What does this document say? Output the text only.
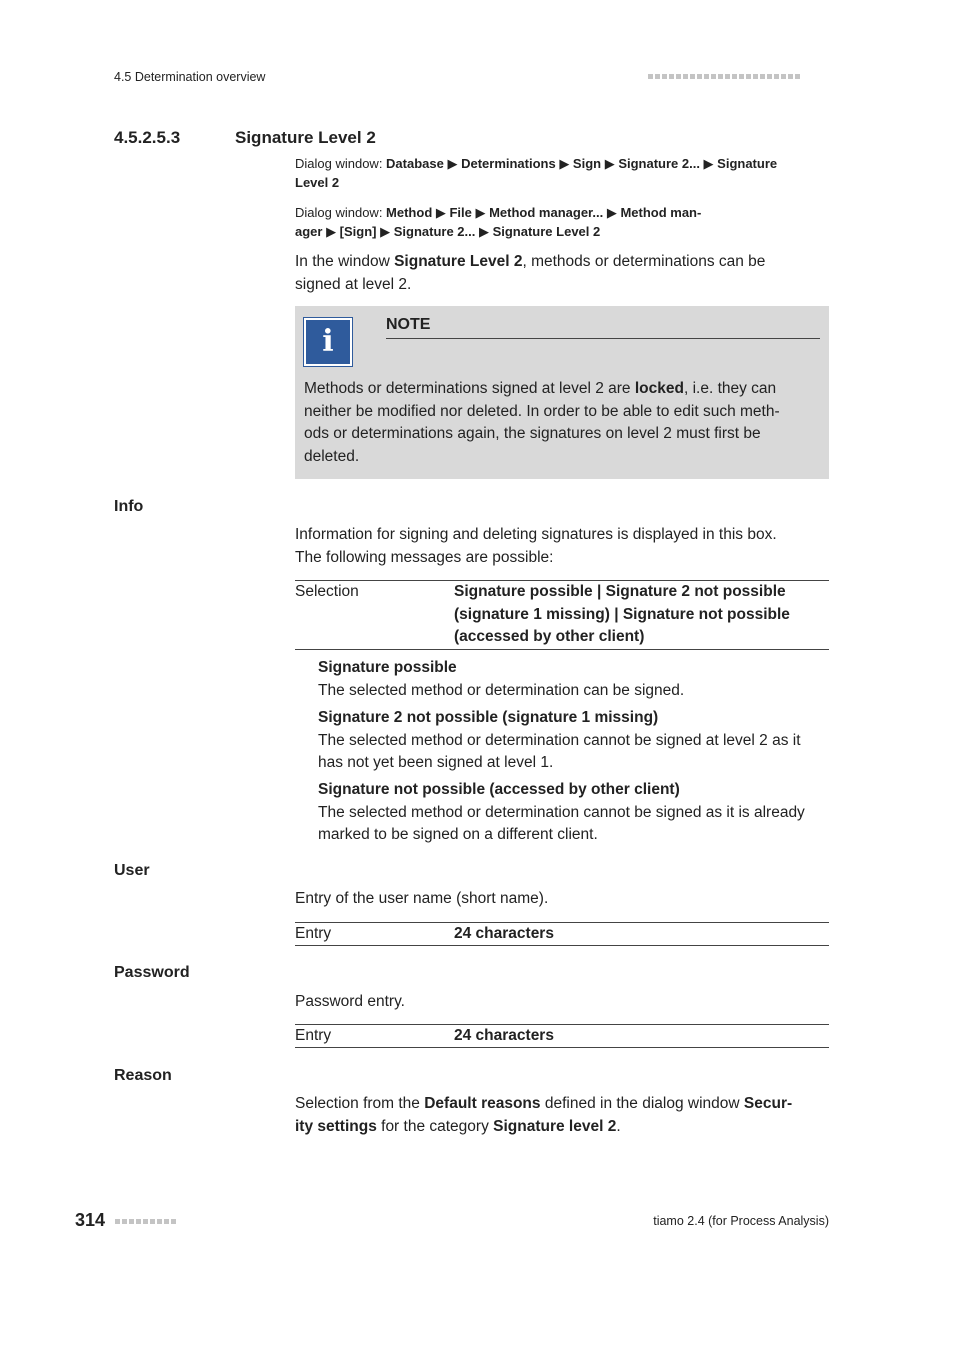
4.5 Determination overview
4.5.2.5.3	Signature Level 2
Dialog window: Database ▶ Determinations ▶ Sign ▶ Signature 2... ▶ Signature
Level 2
Dialog window: Method ▶ File ▶ Method manager... ▶ Method man-
ager ▶ [Sign] ▶ Signature 2... ▶ Signature Level 2
In the window Signature Level 2, methods or determinations can be
signed at level 2.
i	NOTE
Methods or determinations signed at level 2 are locked, i.e. they can
neither be modified nor deleted. In order to be able to edit such meth-
ods or determinations again, the signatures on level 2 must first be
deleted.
Info
Information for signing and deleting signatures is displayed in this box.
The following messages are possible:
Selection	Signature possible | Signature 2 not possible
(signature 1 missing) | Signature not possible
(accessed by other client)
Signature possible
The selected method or determination can be signed.
Signature 2 not possible (signature 1 missing)
The selected method or determination cannot be signed at level 2 as it
has not yet been signed at level 1.
Signature not possible (accessed by other client)
The selected method or determination cannot be signed as it is already
marked to be signed on a different client.
User
Entry of the user name (short name).
Entry	24 characters
Password
Password entry.
Entry	24 characters
Reason
Selection from the Default reasons defined in the dialog window Secur-
ity settings for the category Signature level 2.
314	tiamo 2.4 (for Process Analysis)
